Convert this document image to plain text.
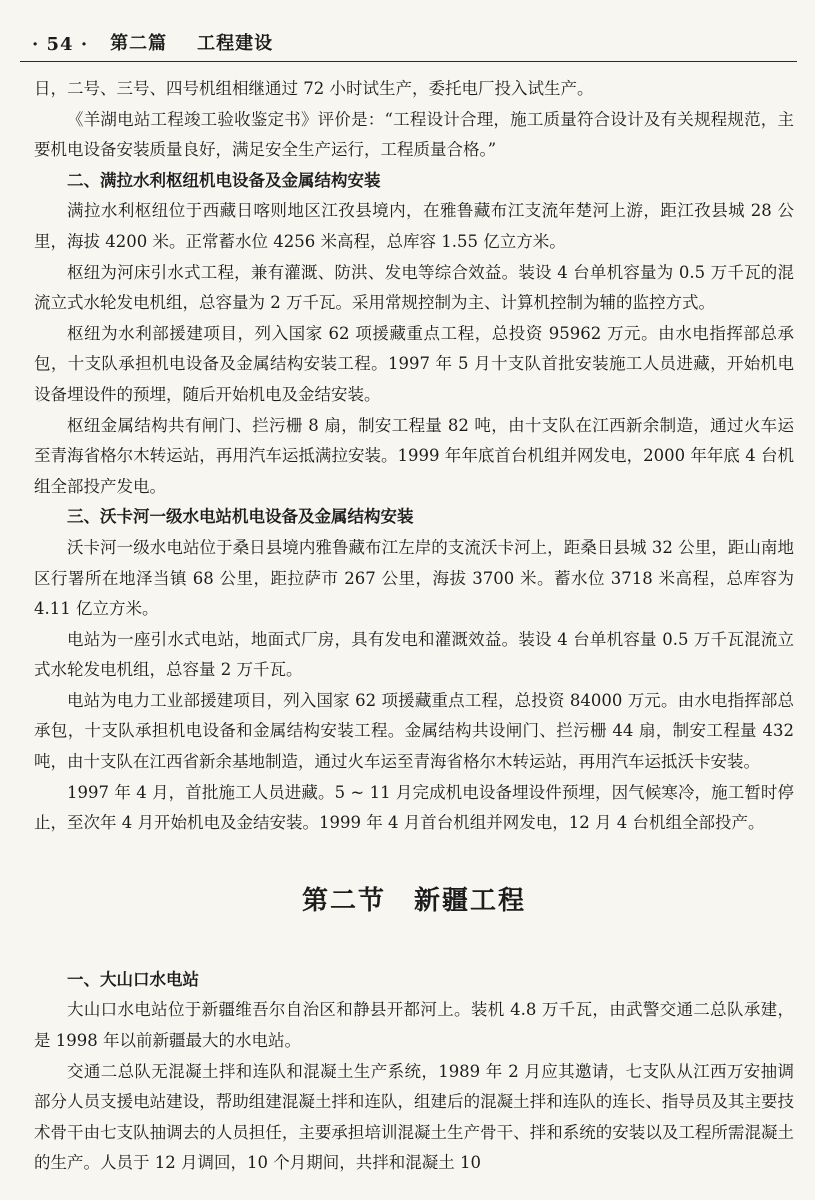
· 54 · 第二篇 工程建设

日，二号、三号、四号机组相继通过 72 小时试生产，委托电厂投入试生产。

《羊湖电站工程竣工验收鉴定书》评价是：“工程设计合理，施工质量符合设计及有关规程规范，主要机电设备安装质量良好，满足安全生产运行，工程质量合格。”

二、满拉水利枢纽机电设备及金属结构安装

满拉水利枢纽位于西藏日喀则地区江孜县境内，在雅鲁藏布江支流年楚河上游，距江孜县城 28 公里，海拔 4200 米。正常蓄水位 4256 米高程，总库容 1.55 亿立方米。

枢纽为河床引水式工程，兼有灌溉、防洪、发电等综合效益。装设 4 台单机容量为 0.5 万千瓦的混流立式水轮发电机组，总容量为 2 万千瓦。采用常规控制为主、计算机控制为辅的监控方式。

枢纽为水利部援建项目，列入国家 62 项援藏重点工程，总投资 95962 万元。由水电指挥部总承包，十支队承担机电设备及金属结构安装工程。1997 年 5 月十支队首批安装施工人员进藏，开始机电设备埋设件的预埋，随后开始机电及金结安装。

枢纽金属结构共有闸门、拦污栅 8 扇，制安工程量 82 吨，由十支队在江西新余制造，通过火车运至青海省格尔木转运站，再用汽车运抵满拉安装。1999 年年底首台机组并网发电，2000 年年底 4 台机组全部投产发电。

三、沃卡河一级水电站机电设备及金属结构安装

沃卡河一级水电站位于桑日县境内雅鲁藏布江左岸的支流沃卡河上，距桑日县城 32 公里，距山南地区行署所在地泽当镇 68 公里，距拉萨市 267 公里，海拔 3700 米。蓄水位 3718 米高程，总库容为 4.11 亿立方米。

电站为一座引水式电站，地面式厂房，具有发电和灌溉效益。装设 4 台单机容量 0.5 万千瓦混流立式水轮发电机组，总容量 2 万千瓦。

电站为电力工业部援建项目，列入国家 62 项援藏重点工程，总投资 84000 万元。由水电指挥部总承包，十支队承担机电设备和金属结构安装工程。金属结构共设闸门、拦污栅 44 扇，制安工程量 432 吨，由十支队在江西省新余基地制造，通过火车运至青海省格尔木转运站，再用汽车运抵沃卡安装。

1997 年 4 月，首批施工人员进藏。5 ~ 11 月完成机电设备埋设件预埋，因气候寒冷，施工暂时停止，至次年 4 月开始机电及金结安装。1999 年 4 月首台机组并网发电，12 月 4 台机组全部投产。

第二节　新疆工程
一、大山口水电站

大山口水电站位于新疆维吾尔自治区和静县开都河上。装机 4.8 万千瓦，由武警交通二总队承建，是 1998 年以前新疆最大的水电站。

交通二总队无混凝土拌和连队和混凝土生产系统，1989 年 2 月应其邀请，七支队从江西万安抽调部分人员支援电站建设，帮助组建混凝土拌和连队，组建后的混凝土拌和连队的连长、指导员及其主要技术骨干由七支队抽调去的人员担任，主要承担培训混凝土生产骨干、拌和系统的安装以及工程所需混凝土的生产。人员于 12 月调回，10 个月期间，共拌和混凝土 10
